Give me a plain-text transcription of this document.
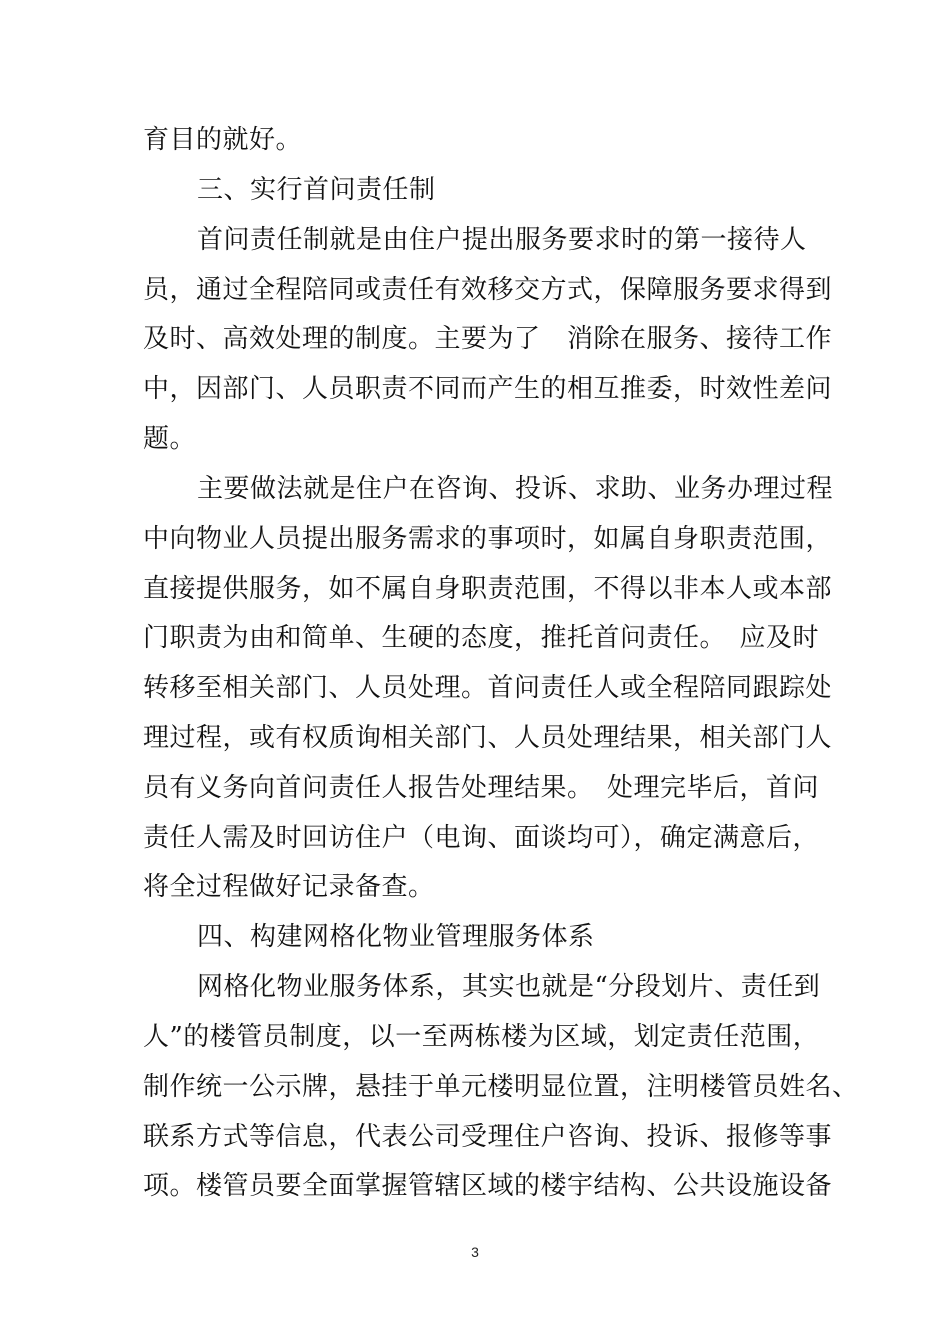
育目的就好。
三、实行首问责任制
首问责任制就是由住户提出服务要求时的第一接待人
员，通过全程陪同或责任有效移交方式，保障服务要求得到
及时、高效处理的制度。主要为了　消除在服务、接待工作
中，因部门、人员职责不同而产生的相互推委，时效性差问
题。
主要做法就是住户在咨询、投诉、求助、业务办理过程
中向物业人员提出服务需求的事项时，如属自身职责范围，
直接提供服务，如不属自身职责范围，不得以非本人或本部
门职责为由和简单、生硬的态度，推托首问责任。　应及时
转移至相关部门、人员处理。首问责任人或全程陪同跟踪处
理过程，或有权质询相关部门、人员处理结果，相关部门人
员有义务向首问责任人报告处理结果。　处理完毕后，首问
责任人需及时回访住户（电询、面谈均可），确定满意后，
将全过程做好记录备查。
四、构建网格化物业管理服务体系
网格化物业服务体系，其实也就是“分段划片、责任到
人”的楼管员制度，以一至两栋楼为区域，划定责任范围，
制作统一公示牌，悬挂于单元楼明显位置，注明楼管员姓名、
联系方式等信息，代表公司受理住户咨询、投诉、报修等事
项。楼管员要全面掌握管辖区域的楼宇结构、公共设施设备
3
